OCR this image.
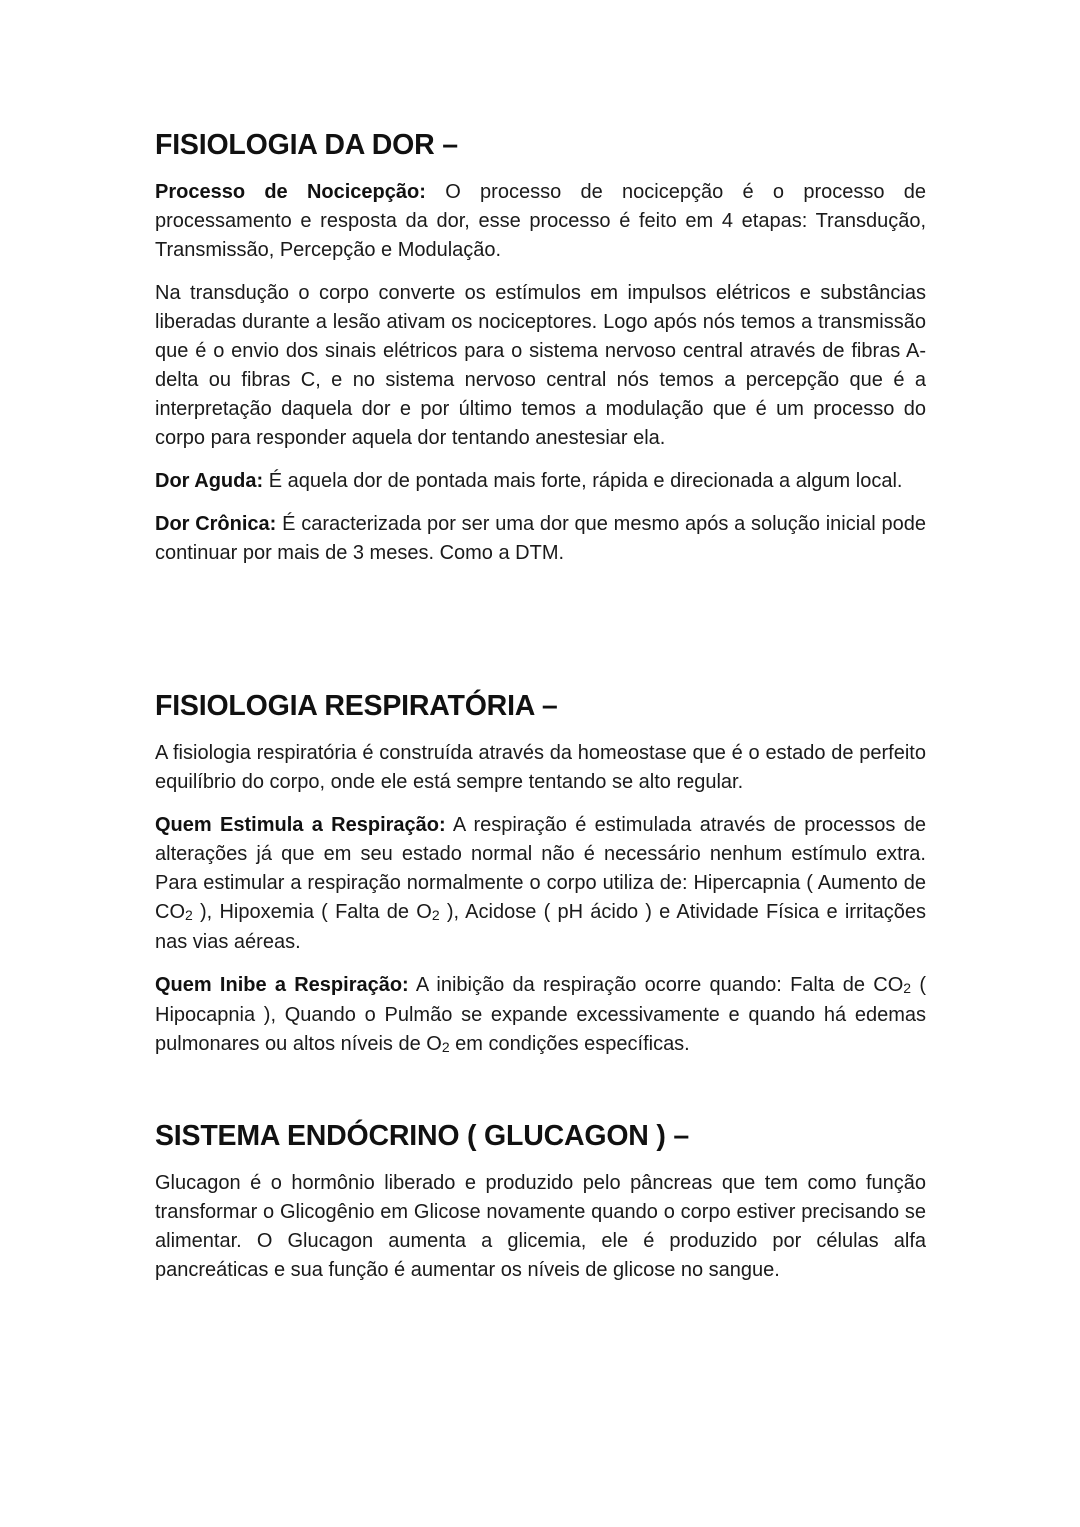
FISIOLOGIA DA DOR –

Processo de Nocicepção: O processo de nocicepção é o processo de processamento e resposta da dor, esse processo é feito em 4 etapas: Transdução, Transmissão, Percepção e Modulação.

Na transdução o corpo converte os estímulos em impulsos elétricos e substâncias liberadas durante a lesão ativam os nociceptores. Logo após nós temos a transmissão que é o envio dos sinais elétricos para o sistema nervoso central através de fibras A-delta ou fibras C, e no sistema nervoso central nós temos a percepção que é a interpretação daquela dor e por último temos a modulação que é um processo do corpo para responder aquela dor tentando anestesiar ela.

Dor Aguda: É aquela dor de pontada mais forte, rápida e direcionada a algum local.

Dor Crônica: É caracterizada por ser uma dor que mesmo após a solução inicial pode continuar por mais de 3 meses. Como a DTM.

FISIOLOGIA RESPIRATÓRIA –

A fisiologia respiratória é construída através da homeostase que é o estado de perfeito equilíbrio do corpo, onde ele está sempre tentando se alto regular.

Quem Estimula a Respiração: A respiração é estimulada através de processos de alterações já que em seu estado normal não é necessário nenhum estímulo extra. Para estimular a respiração normalmente o corpo utiliza de: Hipercapnia ( Aumento de $CO_2$ ), Hipoxemia ( Falta de $O_2$ ), Acidose ( pH ácido ) e Atividade Física e irritações nas vias aéreas.

Quem Inibe a Respiração: A inibição da respiração ocorre quando: Falta de $CO_2$ ( Hipocapnia ), Quando o Pulmão se expande excessivamente e quando há edemas pulmonares ou altos níveis de $O_2$ em condições específicas.

SISTEMA ENDÓCRINO ( GLUCAGON ) –

Glucagon é o hormônio liberado e produzido pelo pâncreas que tem como função transformar o Glicogênio em Glicose novamente quando o corpo estiver precisando se alimentar. O Glucagon aumenta a glicemia, ele é produzido por células alfa pancreáticas e sua função é aumentar os níveis de glicose no sangue.
